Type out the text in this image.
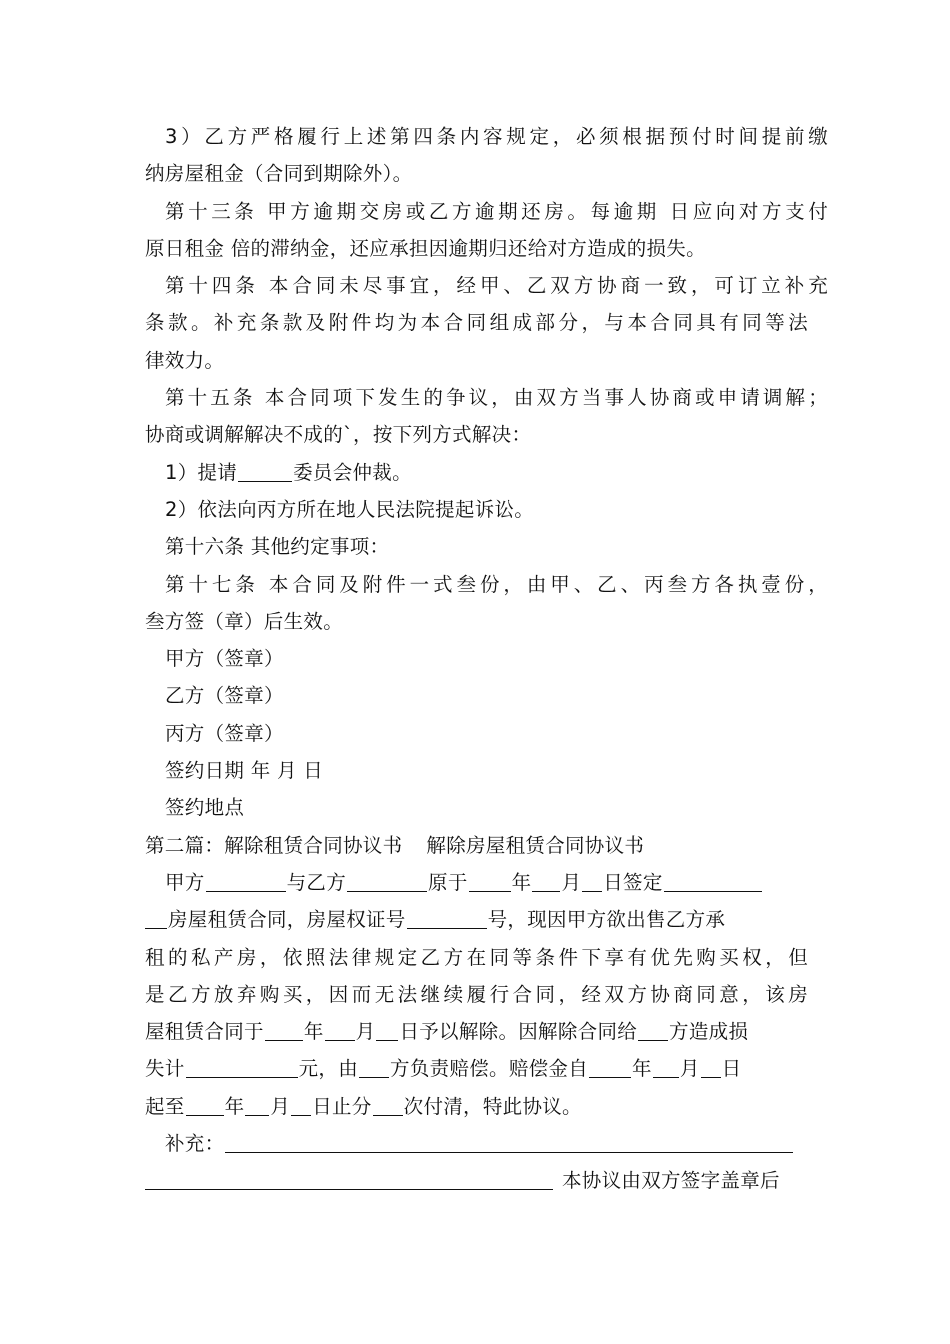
3）乙方严格履行上述第四条内容规定，必须根据预付时间提前缴
纳房屋租金（合同到期除外）。
第十三条 甲方逾期交房或乙方逾期还房。每逾期 日应向对方支付
原日租金 倍的滞纳金，还应承担因逾期归还给对方造成的损失。
第十四条 本合同未尽事宜，经甲、乙双方协商一致，可订立补充
条款。补充条款及附件均为本合同组成部分，与本合同具有同等法
律效力。
第十五条 本合同项下发生的争议，由双方当事人协商或申请调解；
协商或调解解决不成的`，按下列方式解决：
1）提请	委员会仲裁。
2）依法向丙方所在地人民法院提起诉讼。
第十六条 其他约定事项：
第十七条 本合同及附件一式叁份，由甲、乙、丙叁方各执壹份，
叁方签（章）后生效。
甲方（签章）
乙方（签章）
丙方（签章）
签约日期 年 月 日
签约地点
第二篇：解除租赁合同协议书 解除房屋租赁合同协议书
甲方	与乙方	原于 年 月 日签定
房屋租赁合同，房屋权证号	号，现因甲方欲出售乙方承
租的私产房，依照法律规定乙方在同等条件下享有优先购买权，但
是乙方放弃购买，因而无法继续履行合同，经双方协商同意，该房
屋租赁合同于 年 月 日予以解除。因解除合同给 方造成损
失计	元，由 方负责赔偿。赔偿金自 年 月 日
起至 年 月 日止分 次付清，特此协议。
补充：
本协议由双方签字盖章后
